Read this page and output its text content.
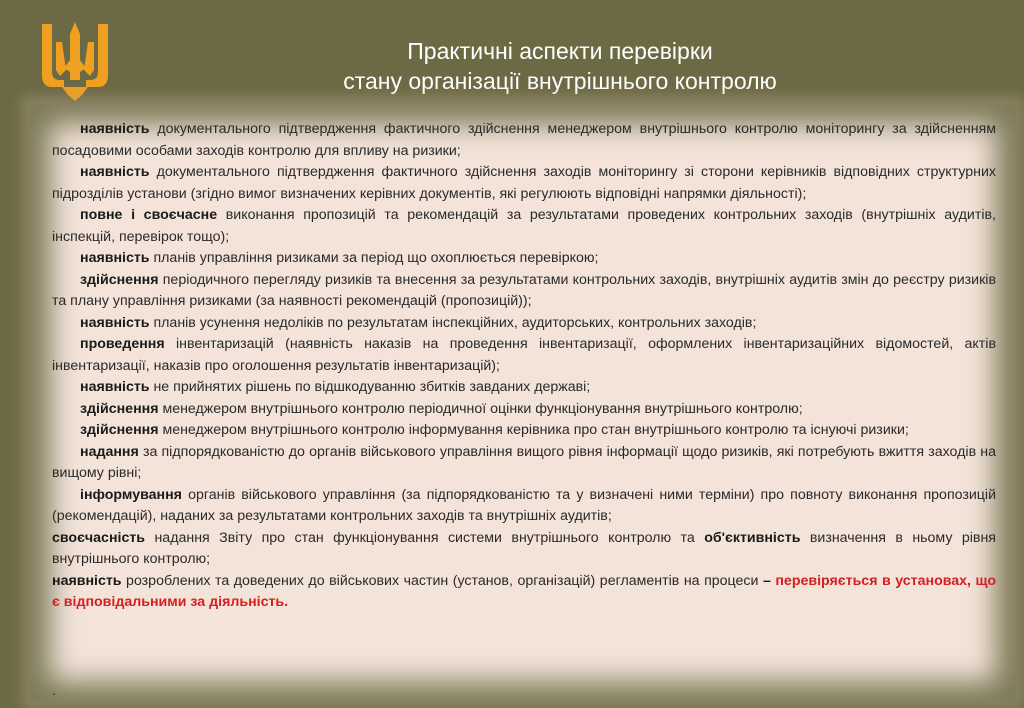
Практичні аспекти перевірки
стану організації внутрішнього контролю

наявність документального підтвердження фактичного здійснення менеджером внутрішнього контролю моніторингу за здійсненням посадовими особами заходів контролю для впливу на ризики;

наявність документального підтвердження фактичного здійснення заходів моніторингу зі сторони керівників відповідних структурних підрозділів установи (згідно вимог визначених керівних документів, які регулюють відповідні напрямки діяльності);

повне і своєчасне виконання пропозицій та рекомендацій за результатами проведених контрольних заходів (внутрішніх аудитів, інспекцій, перевірок тощо);

наявність планів управління ризиками за період що охоплюється перевіркою;

здійснення періодичного перегляду ризиків та внесення за результатами контрольних заходів, внутрішніх аудитів змін до реєстру ризиків та плану управління ризиками (за наявності рекомендацій (пропозицій));

наявність планів усунення недоліків по результатам інспекційних, аудиторських, контрольних заходів;

проведення інвентаризацій (наявність наказів на проведення інвентаризації, оформлених інвентаризаційних відомостей, актів інвентаризації, наказів про оголошення результатів інвентаризацій);

наявність не прийнятих рішень по відшкодуванню збитків завданих державі;

здійснення менеджером внутрішнього контролю періодичної оцінки функціонування внутрішнього контролю;

здійснення менеджером внутрішнього контролю інформування керівника про стан внутрішнього контролю та існуючі ризики;

надання за підпорядкованістю до органів військового управління вищого рівня інформації щодо ризиків, які потребують вжиття заходів на вищому рівні;

інформування органів військового управління (за підпорядкованістю та у визначені ними терміни) про повноту виконання пропозицій (рекомендацій), наданих за результатами контрольних заходів та внутрішніх аудитів;

своєчасність надання Звіту про стан функціонування системи внутрішнього контролю та об'єктивність визначення в ньому рівня внутрішнього контролю;

наявність розроблених та доведених до військових частин (установ, організацій) регламентів на процеси – перевіряється в установах, що є відповідальними за діяльність.

.
